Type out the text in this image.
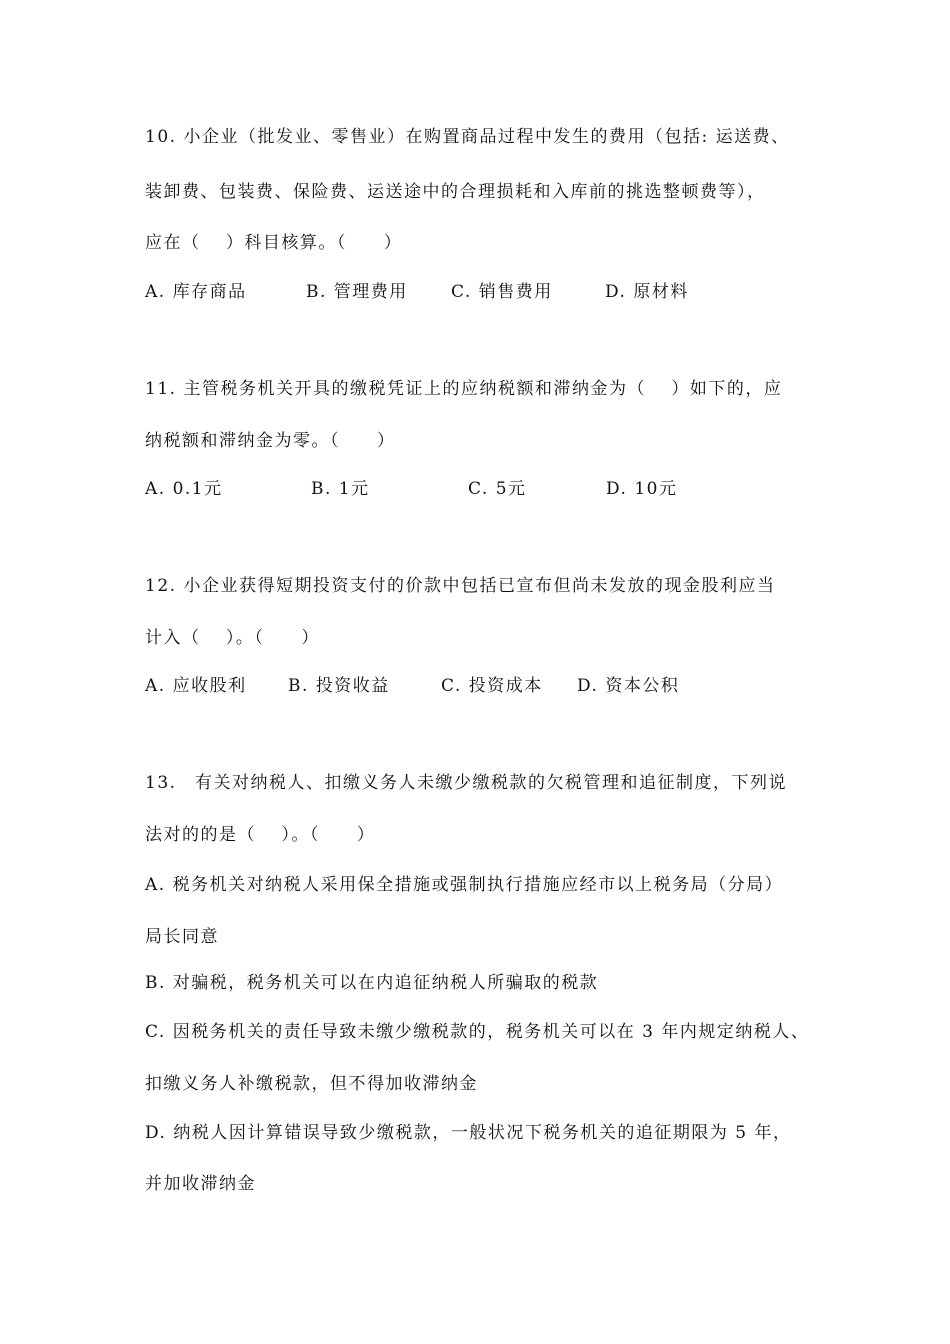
10. 小企业（批发业、零售业）在购置商品过程中发生的费用（包括: 运送费、
装卸费、包装费、保险费、运送途中的合理损耗和入库前的挑选整顿费等），
应在（　 ）科目核算。（　　）
A. 库存商品	B. 管理费用	C. 销售费用	D. 原材料
11. 主管税务机关开具的缴税凭证上的应纳税额和滞纳金为（　 ）如下的，应
纳税额和滞纳金为零。（　　）
A. 0.1元	B. 1元	C. 5元	D. 10元
12. 小企业获得短期投资支付的价款中包括已宣布但尚未发放的现金股利应当
计入（　 ）。（　　）
A. 应收股利 B. 投资收益	C. 投资成本 D. 资本公积
13.　有关对纳税人、扣缴义务人未缴少缴税款的欠税管理和追征制度，下列说
法对的的是（　 ）。（　　）
A. 税务机关对纳税人采用保全措施或强制执行措施应经市以上税务局（分局）
局长同意
B. 对骗税，税务机关可以在内追征纳税人所骗取的税款
C. 因税务机关的责任导致未缴少缴税款的，税务机关可以在 3 年内规定纳税人、
扣缴义务人补缴税款，但不得加收滞纳金
D. 纳税人因计算错误导致少缴税款，一般状况下税务机关的追征期限为 5 年，
并加收滞纳金
